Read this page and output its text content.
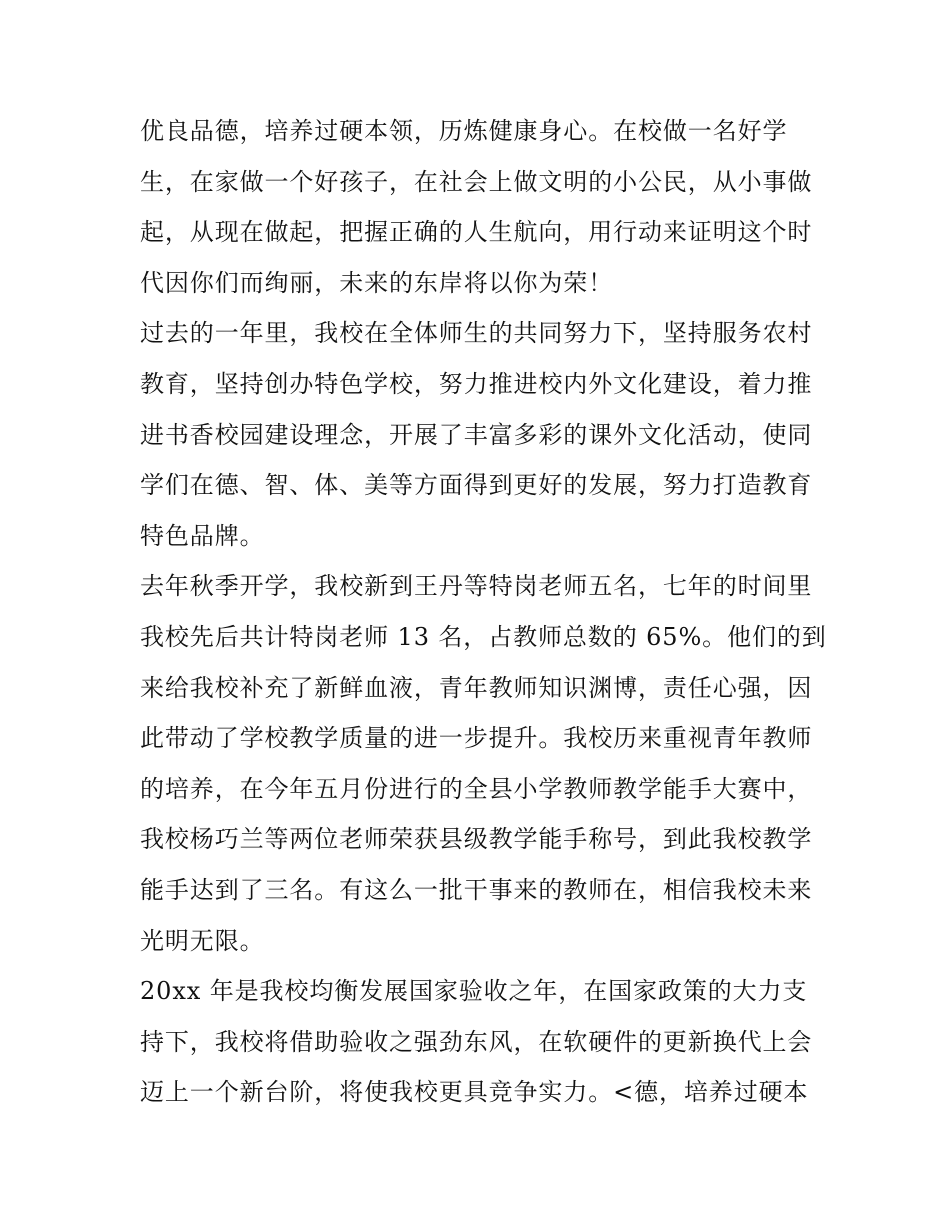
优良品德，培养过硬本领，历炼健康身心。在校做一名好学
生，在家做一个好孩子，在社会上做文明的小公民，从小事做
起，从现在做起，把握正确的人生航向，用行动来证明这个时
代因你们而绚丽，未来的东岸将以你为荣！

过去的一年里，我校在全体师生的共同努力下，坚持服务农村
教育，坚持创办特色学校，努力推进校内外文化建设，着力推
进书香校园建设理念，开展了丰富多彩的课外文化活动，使同
学们在德、智、体、美等方面得到更好的发展，努力打造教育
特色品牌。

去年秋季开学，我校新到王丹等特岗老师五名，七年的时间里
我校先后共计特岗老师 13 名，占教师总数的 65%。他们的到
来给我校补充了新鲜血液，青年教师知识渊博，责任心强，因
此带动了学校教学质量的进一步提升。我校历来重视青年教师
的培养，在今年五月份进行的全县小学教师教学能手大赛中，
我校杨巧兰等两位老师荣获县级教学能手称号，到此我校教学
能手达到了三名。有这么一批干事来的教师在，相信我校未来
光明无限。

20xx 年是我校均衡发展国家验收之年，在国家政策的大力支
持下，我校将借助验收之强劲东风，在软硬件的更新换代上会
迈上一个新台阶，将使我校更具竞争实力。<德，培养过硬本
